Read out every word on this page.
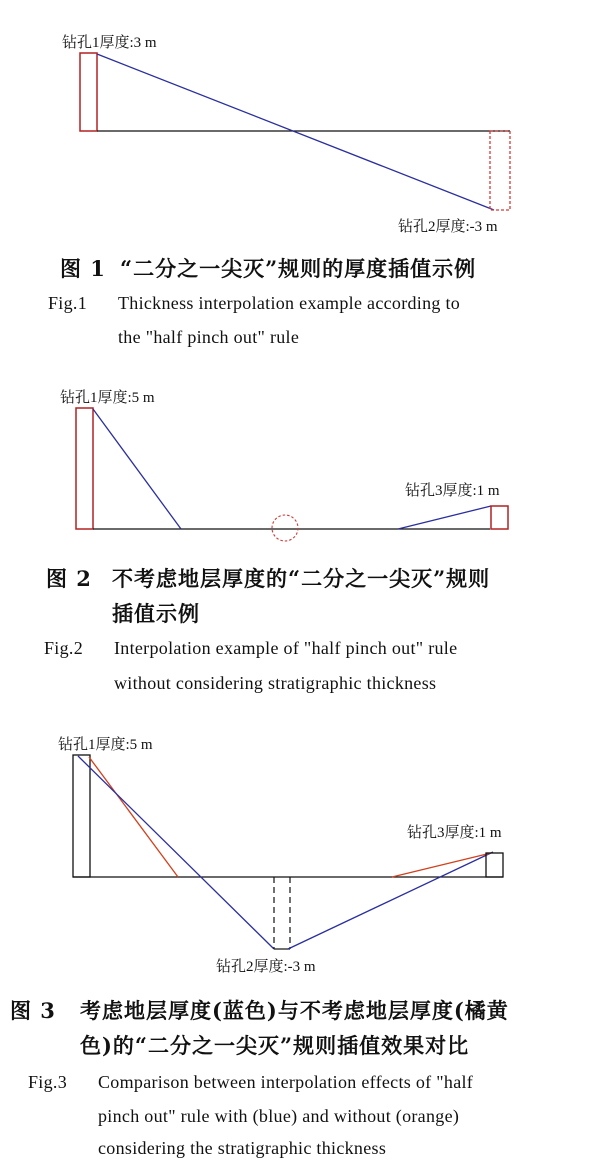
钻孔1厚度:3 m
钻孔2厚度:-3 m
图 1 “二分之一尖灭”规则的厚度插值示例
Fig.1 Thickness interpolation example according to
the "half pinch out" rule
钻孔1厚度:5 m
钻孔3厚度:1 m
图 2 不考虑地层厚度的“二分之一尖灭”规则
插值示例
Fig.2 Interpolation example of "half pinch out" rule
without considering stratigraphic thickness
钻孔1厚度:5 m
钻孔3厚度:1 m
钻孔2厚度:-3 m
图 3 考虑地层厚度(蓝色)与不考虑地层厚度(橘黄
色)的“二分之一尖灭”规则插值效果对比
Fig.3 Comparison between interpolation effects of "half
pinch out" rule with (blue) and without (orange)
considering the stratigraphic thickness
